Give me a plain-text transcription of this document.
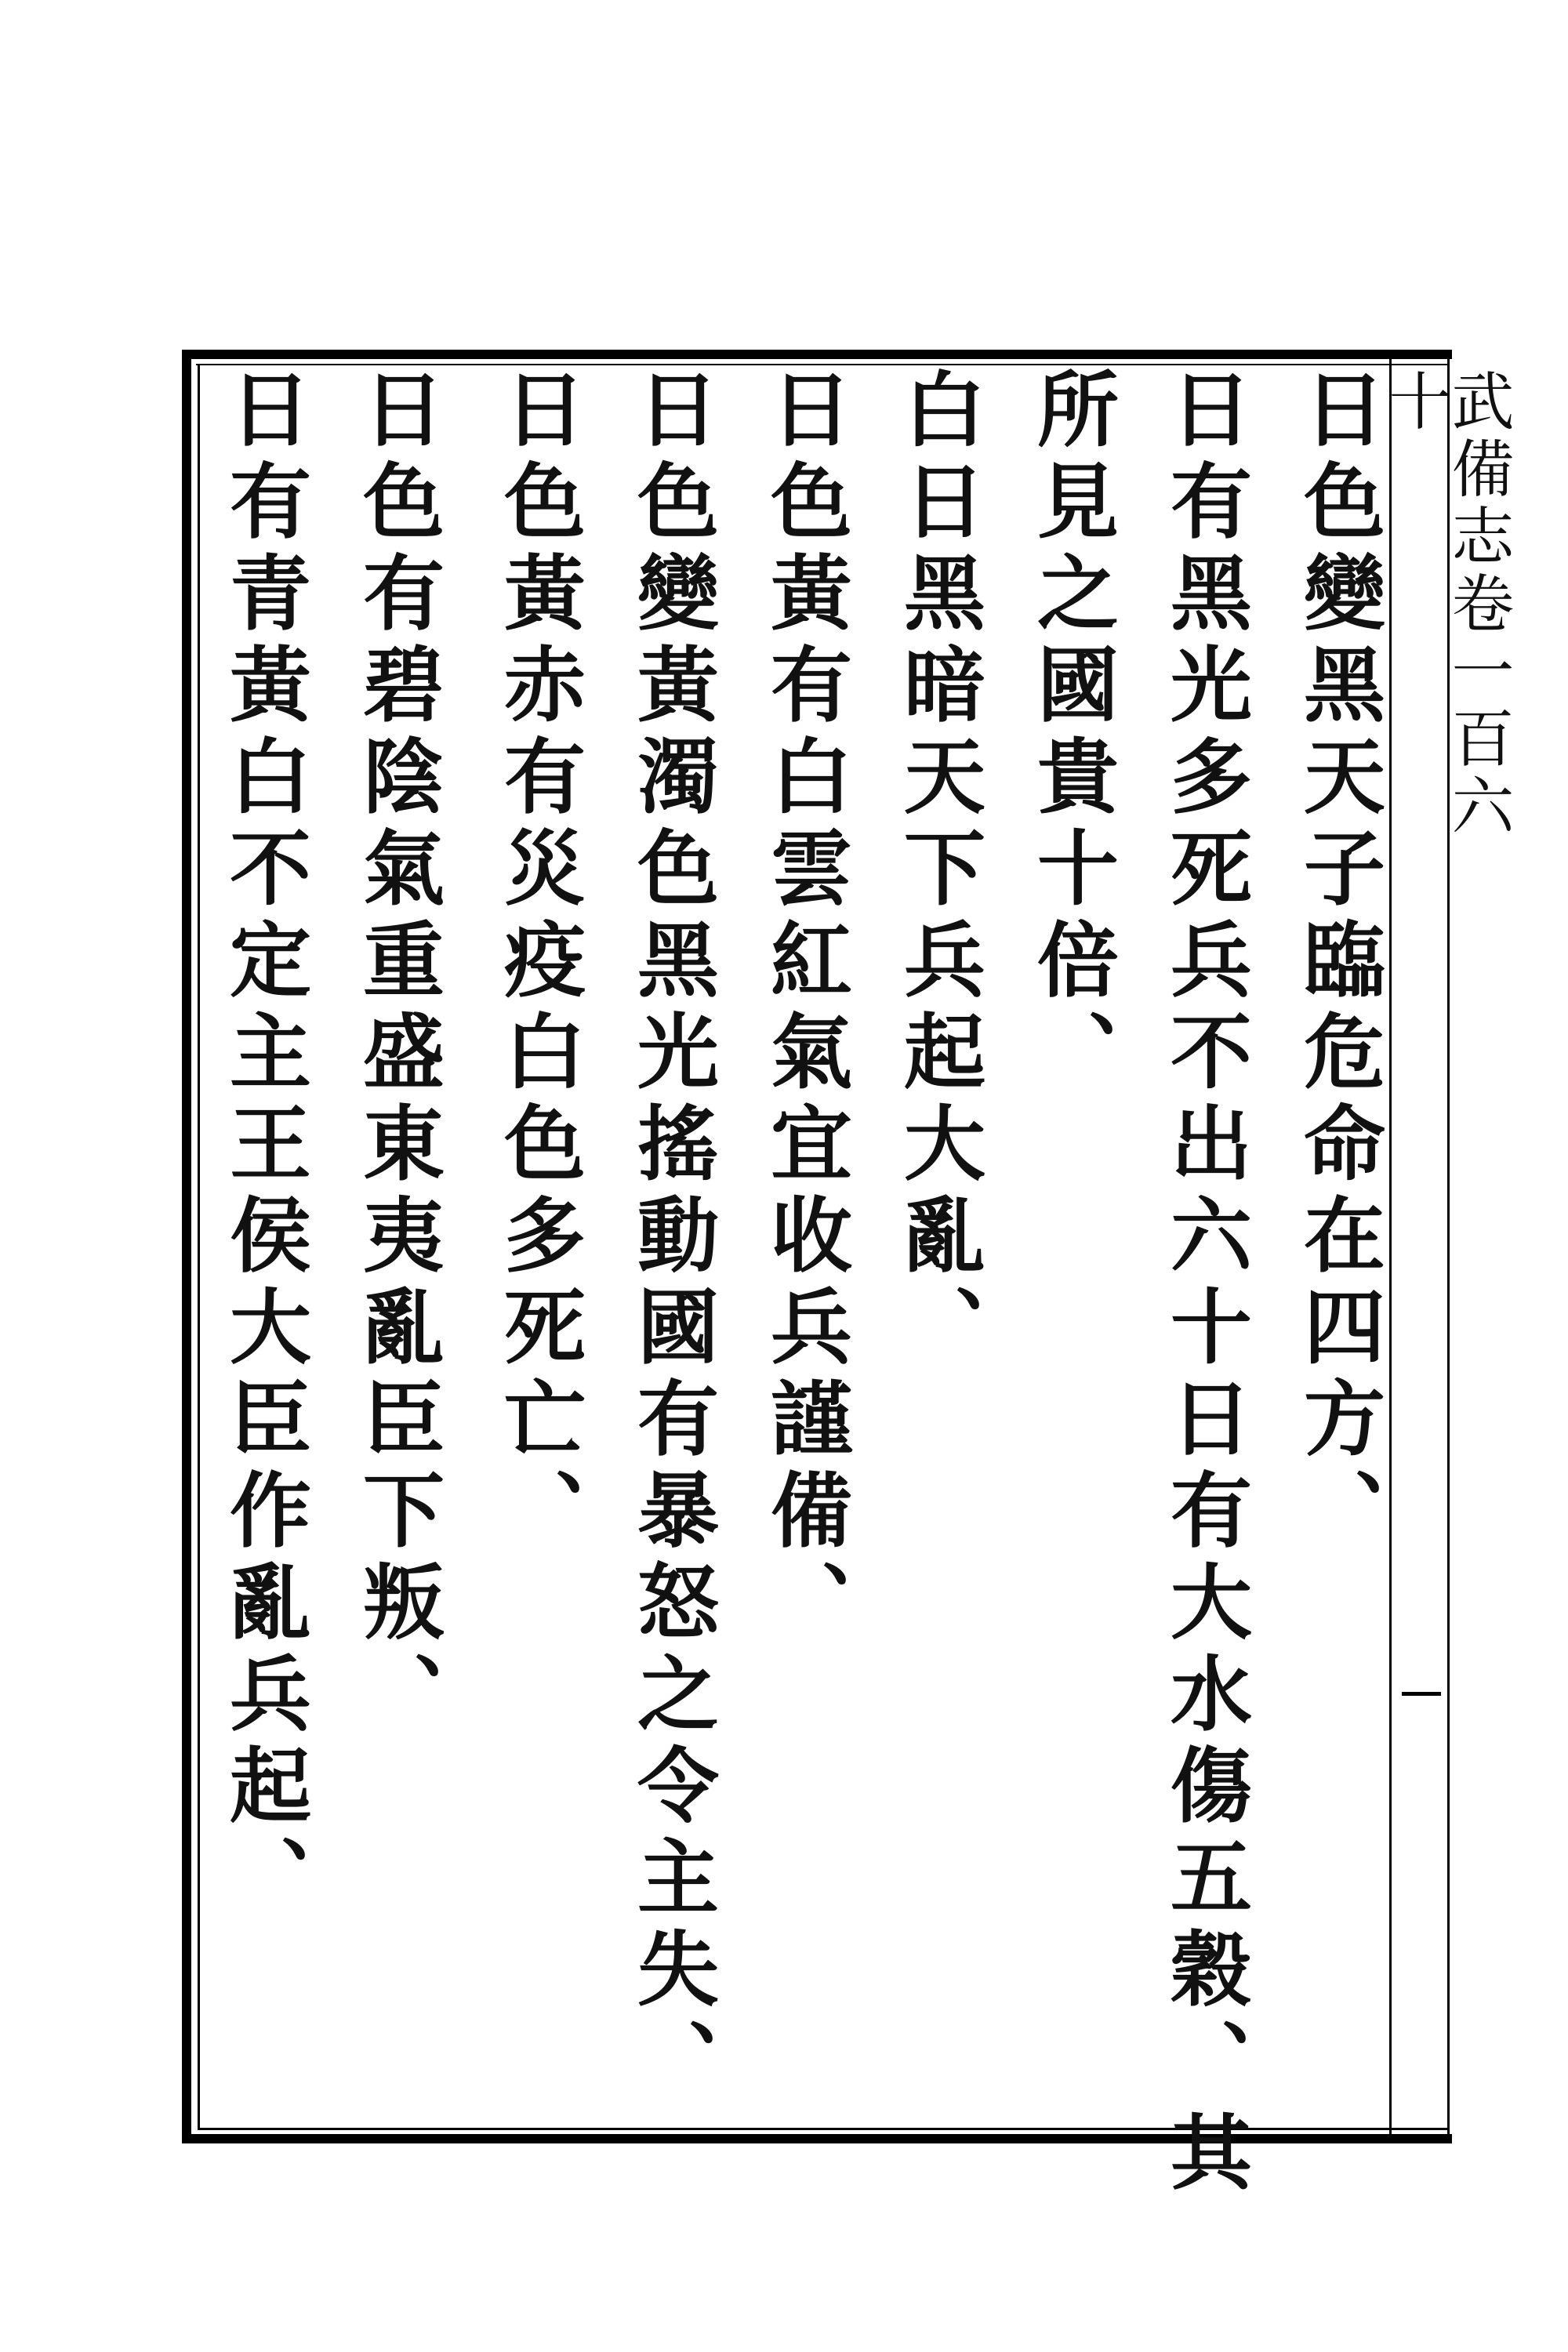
武備志卷一百六十
日色變黑天子臨危命在四方、
日有黑光多死兵不出六十日有大水傷五穀、其
所見之國貴十倍、
白日黑暗天下兵起大亂、
日色黃有白雲紅氣宜收兵謹備、
日色變黃濁色黑光搖動國有暴怒之令主失、
日色黃赤有災疫白色多死亡、
日色有碧陰氣重盛東夷亂臣下叛、
日有青黃白不定主王侯大臣作亂兵起、
